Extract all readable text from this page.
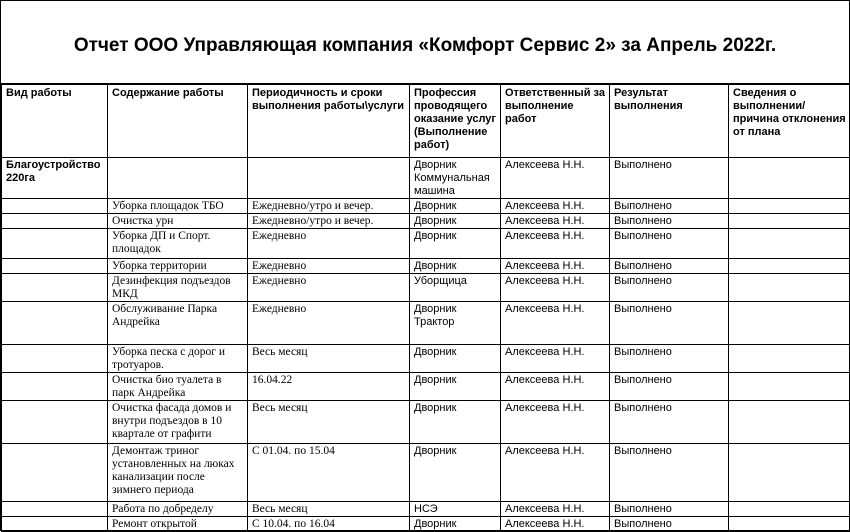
Отчет ООО Управляющая компания «Комфорт Сервис 2» за Апрель 2022г.
Вид работы	Содержание работы	Периодичность и сроки выполнения работы\услуги	Профессия проводящего оказание услуг (Выполнение работ)	Ответственный за выполнение работ	Результат выполнения	Сведения о выполнении/ причина отклонения от плана
Благоустройство 220га			Дворник Коммунальная машина	Алексеева Н.Н.	Выполнено	
	Уборка площадок ТБО	Ежедневно/утро и вечер.	Дворник	Алексеева Н.Н.	Выполнено	
	Очистка урн	Ежедневно/утро и вечер.	Дворник	Алексеева Н.Н.	Выполнено	
	Уборка ДП и Спорт. площадок	Ежедневно	Дворник	Алексеева Н.Н.	Выполнено	
	Уборка территории	Ежедневно	Дворник	Алексеева Н.Н.	Выполнено	
	Дезинфекция подъездов МКД	Ежедневно	Уборщица	Алексеева Н.Н.	Выполнено	
	Обслуживание Парка Андрейка	Ежедневно	Дворник Трактор	Алексеева Н.Н.	Выполнено	
	Уборка песка с дорог и тротуаров.	Весь месяц	Дворник	Алексеева Н.Н.	Выполнено	
	Очистка био туалета в парк Андрейка	16.04.22	Дворник	Алексеева Н.Н.	Выполнено	
	Очистка фасада домов и внутри подъездов в 10 квартале от графити	Весь месяц	Дворник	Алексеева Н.Н.	Выполнено	
	Демонтаж триног установленных на люках канализации после зимнего периода	С 01.04. по 15.04	Дворник	Алексеева Н.Н.	Выполнено	
	Работа по добределу	Весь месяц	НСЭ	Алексеева Н.Н.	Выполнено	
	Ремонт открытой	С 10.04. по 16.04	Дворник	Алексеева Н.Н.	Выполнено	
